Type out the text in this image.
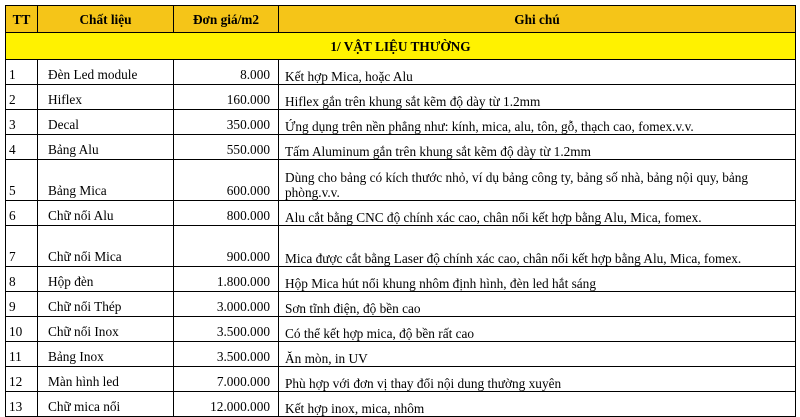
TT	Chất liệu	Đơn giá/m2	Ghi chú
1/ VẬT LIỆU THƯỜNG			
1	Đèn Led module	8.000	Kết hợp Mica, hoặc Alu
2	Hiflex	160.000	Hiflex gắn trên khung sắt kẽm độ dày từ 1.2mm
3	Decal	350.000	Ứng dụng trên nền phẳng như: kính, mica, alu, tôn, gỗ, thạch cao, fomex.v.v.
4	Bảng Alu	550.000	Tấm Aluminum gắn trên khung sắt kẽm độ dày từ 1.2mm
5	Bảng Mica	600.000	Dùng cho bảng có kích thước nhỏ, ví dụ bảng công ty, bảng số nhà, bảng nội quy, bảng phòng.v.v.
6	Chữ nổi Alu	800.000	Alu cắt bằng CNC độ chính xác cao, chân nổi kết hợp bằng Alu, Mica, fomex.
7	Chữ nổi Mica	900.000	Mica được cắt bằng Laser độ chính xác cao, chân nổi kết hợp bằng Alu, Mica, fomex.
8	Hộp đèn	1.800.000	Hộp Mica hút nổi khung nhôm định hình, đèn led hắt sáng
9	Chữ nổi Thép	3.000.000	Sơn tĩnh điện, độ bền cao
10	Chữ nổi Inox	3.500.000	Có thể kết hợp mica, độ bền rất cao
11	Bảng Inox	3.500.000	Ăn mòn, in UV
12	Màn hình led	7.000.000	Phù hợp với đơn vị thay đổi nội dung thường xuyên
13	Chữ mica nổi	12.000.000	Kết hợp inox, mica, nhôm
